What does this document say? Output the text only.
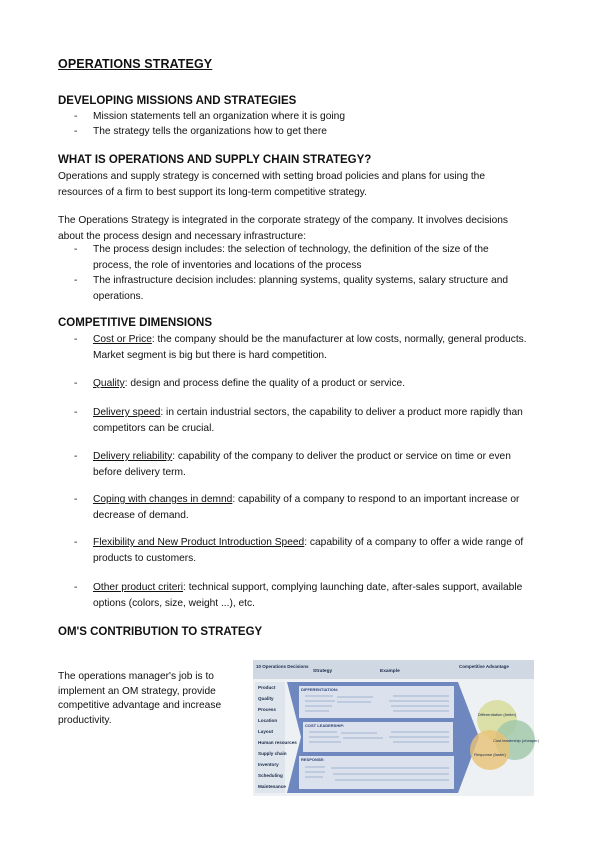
OPERATIONS STRATEGY
DEVELOPING MISSIONS AND STRATEGIES
- Mission statements tell an organization where it is going
- The strategy tells the organizations how to get there
WHAT IS OPERATIONS AND SUPPLY CHAIN STRATEGY?
Operations and supply strategy is concerned with setting broad policies and plans for using the resources of a firm to best support its long-term competitive strategy.
The Operations Strategy is integrated in the corporate strategy of the company. It involves decisions about the process design and necessary infrastructure:
- The process design includes: the selection of technology, the definition of the size of the process, the role of inventories and locations of the process
- The infrastructure decision includes: planning systems, quality systems, salary structure and operations.
COMPETITIVE DIMENSIONS
- Cost or Price: the company should be the manufacturer at low costs, normally, general products. Market segment is big but there is hard competition.
- Quality: design and process define the quality of a product or service.
- Delivery speed: in certain industrial sectors, the capability to deliver a product more rapidly than competitors can be crucial.
- Delivery reliability: capability of the company to deliver the product or service on time or even before delivery term.
- Coping with changes in demnd: capability of a company to respond to an important increase or decrease of demand.
- Flexibility and New Product Introduction Speed: capability of a company to offer a wide range of products to customers.
- Other product criteri: technical support, complying launching date, after-sales support, available options (colors, size, weight ...), etc.
OM'S CONTRIBUTION TO STRATEGY
The operations manager's job is to implement an OM strategy, provide competitive advantage and increase productivity.
10 Operations Decisions
Strategy	Example
Competitive Advantage
Product
Quality
Process
Location
Layout
Human resources
Supply chain
Inventory
Scheduling
Maintenance
DIFFERENTIATION:
COST LEADERSHIP:
RESPONSE:
Differentiation (better)
Cost leadership (cheaper)
Response (faster)
